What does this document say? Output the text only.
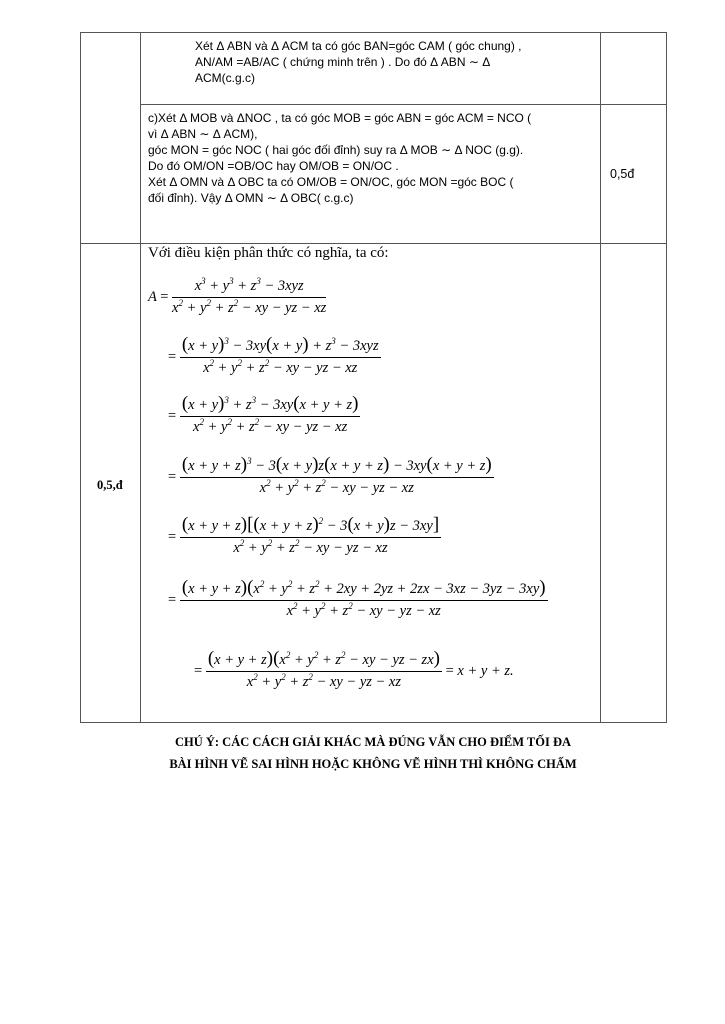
Xét Δ ABN và Δ ACM ta có góc BAN=góc CAM ( góc chung) ,
AN/AM =AB/AC ( chứng minh trên ) . Do đó Δ ABN ∼ Δ
ACM(c.g.c)
c)Xét Δ MOB và ΔNOC , ta có góc MOB = góc ABN = góc ACM = NCO (
vì Δ ABN ∼ Δ ACM),
góc MON = góc NOC ( hai góc đối đỉnh) suy ra Δ MOB ∼ Δ NOC (g.g).
Do đó OM/ON =OB/OC hay OM/OB = ON/OC .
Xét Δ OMN và Δ OBC ta có OM/OB = ON/OC, góc MON =góc BOC (
đối đỉnh). Vậy Δ OMN ∼ Δ OBC( c.g.c)
0,5đ
0,5,đ
Với điều kiện phân thức có nghĩa, ta có:
$A = \frac{x^3 + y^3 + z^3 - 3xyz}{x^2 + y^2 + z^2 - xy - yz - xz}$
= $\frac{(x + y)^3 - 3xy(x + y) + z^3 - 3xyz}{x^2 + y^2 + z^2 - xy - yz - xz}$
= $\frac{(x + y)^3 + z^3 - 3xy(x + y + z)}{x^2 + y^2 + z^2 - xy - yz - xz}$
= $\frac{(x + y + z)^3 - 3(x + y)z(x + y + z) - 3xy(x + y + z)}{x^2 + y^2 + z^2 - xy - yz - xz}$
= $\frac{(x + y + z)[(x + y + z)^2 - 3(x + y)z - 3xy]}{x^2 + y^2 + z^2 - xy - yz - xz}$
=
$(x + y + z)(x^2 + y^2 + z^2 + 2xy + 2yz + 2zx - 3xz - 3yz - 3xy)$
$x^2 + y^2 + z^2$ − xy − yz − xz
= $\frac{(x + y + z)(x^2 + y^2 + z^2 - xy - yz - zx)}{x^2 + y^2 + z^2 - xy - yz - xz} = x + y + z$.
CHÚ Ý: CÁC CÁCH GIẢI KHÁC MÀ ĐÚNG VẪN CHO ĐIỂM TỐI ĐA
BÀI HÌNH VẼ SAI HÌNH HOẶC KHÔNG VẼ HÌNH THÌ KHÔNG CHẤM
